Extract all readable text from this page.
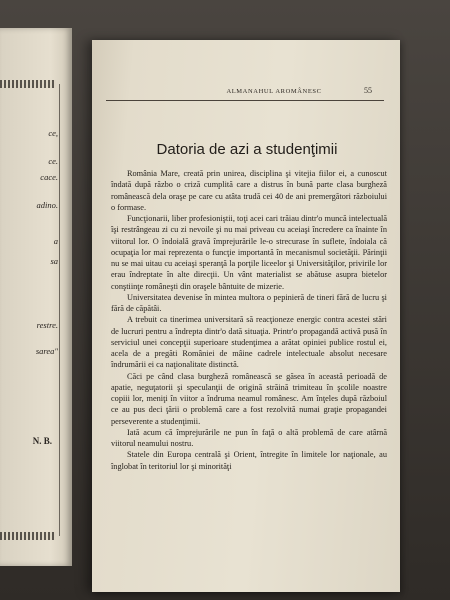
ce,
ce.
cace.
adino.
a
sa
restre.
sarea"
N. B.
ALMANAHUL AROMÂNESC	55
Datoria de azi a studenţimii

România Mare, creată prin unirea, disciplina şi vitejia fiilor ei, a cunoscut îndată după războ o criză cumplită care a distrus în bună parte clasa burgheză românească dela oraşe pe care cu atâta trudă cei 40 de ani premergători războiului o formase.

Funcţionarii, liber profesioniştii, toţi acei cari trăiau dintr'o muncă intelectuală îşi restrângeau zi cu zi nevoile şi nu mai priveau cu aceiaşi încredere ca înainte în viitorul lor. O îndoială gravă împrejurările le-o strecurase în suflete, îndoiala că ocupaţia lor mai reprezenta o funcţie importantă în mecanismul societăţii. Părinţii nu se mai uitau cu aceiaşi speranţă la porţile liceelor şi Universităţilor, privirile lor erau îndreptate în alte direcţii. Un vânt materialist se abătuse asupra bietelor conştiinţe româneşti din oraşele bântuite de mizerie.

Universitatea devenise în mintea multora o pepinieră de tineri fără de lucru şi fără de căpătâi.

A trebuit ca tinerimea universitară să reacţioneze energic contra acestei stări de lucruri pentru a îndrepta dintr'o dată situaţia. Printr'o propagandă activă pusă în serviciul unei concepţii superioare studenţimea a arătat opiniei publice rostul ei, acela de a pregăti României de mâine cadrele intelectuale absolut necesare îndrumării ei ca naţionalitate distinctă.

Căci pe când clasa burgheză românească se găsea în această perioadă de apatie, neguţatorii şi speculanţii de origină străină trimiteau în şcolile noastre copiii lor, meniţi în viitor a îndruma neamul românesc. Am înţeles după războiul ce au pus deci ţării o problemă care a fost rezolvită numai graţie propagandei perseverente a studenţimii.

Iată acum că împrejurările ne pun în faţă o altă problemă de care atârnă viitorul neamului nostru.

Statele din Europa centrală şi Orient, întregite în limitele lor naţionale, au înglobat în teritoriul lor şi minorităţi
